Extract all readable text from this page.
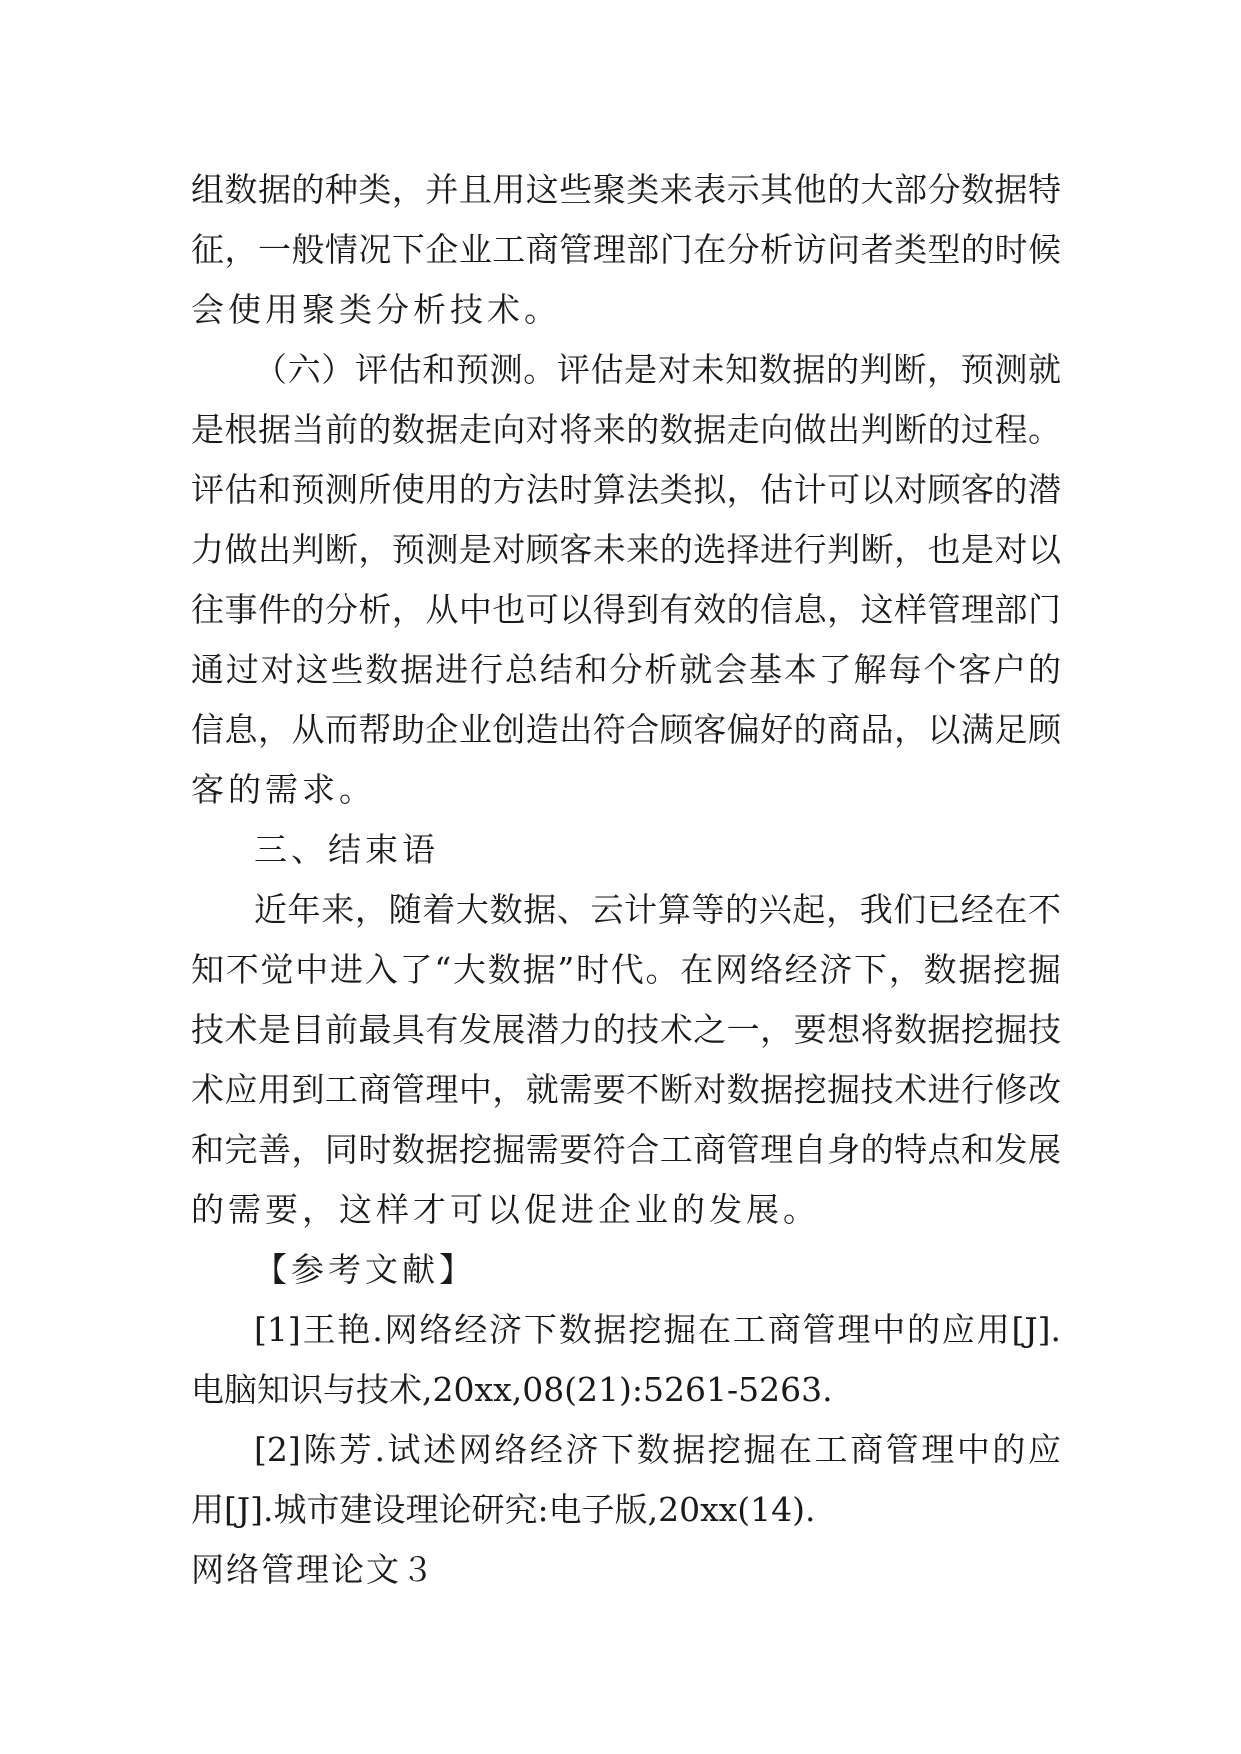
组数据的种类，并且用这些聚类来表示其他的大部分数据特
征，一般情况下企业工商管理部门在分析访问者类型的时候
会使用聚类分析技术。
（六）评估和预测。评估是对未知数据的判断，预测就
是根据当前的数据走向对将来的数据走向做出判断的过程。
评估和预测所使用的方法时算法类拟，估计可以对顾客的潜
力做出判断，预测是对顾客未来的选择进行判断，也是对以
往事件的分析，从中也可以得到有效的信息，这样管理部门
通过对这些数据进行总结和分析就会基本了解每个客户的
信息，从而帮助企业创造出符合顾客偏好的商品，以满足顾
客的需求。
三、结束语
近年来，随着大数据、云计算等的兴起，我们已经在不
知不觉中进入了“大数据”时代。在网络经济下，数据挖掘
技术是目前最具有发展潜力的技术之一，要想将数据挖掘技
术应用到工商管理中，就需要不断对数据挖掘技术进行修改
和完善，同时数据挖掘需要符合工商管理自身的特点和发展
的需要，这样才可以促进企业的发展。
【参考文献】
[1]王艳.网络经济下数据挖掘在工商管理中的应用[J].
电脑知识与技术,20xx,08(21):5261-5263.
[2]陈芳.试述网络经济下数据挖掘在工商管理中的应
用[J].城市建设理论研究:电子版,20xx(14).
网络管理论文３
